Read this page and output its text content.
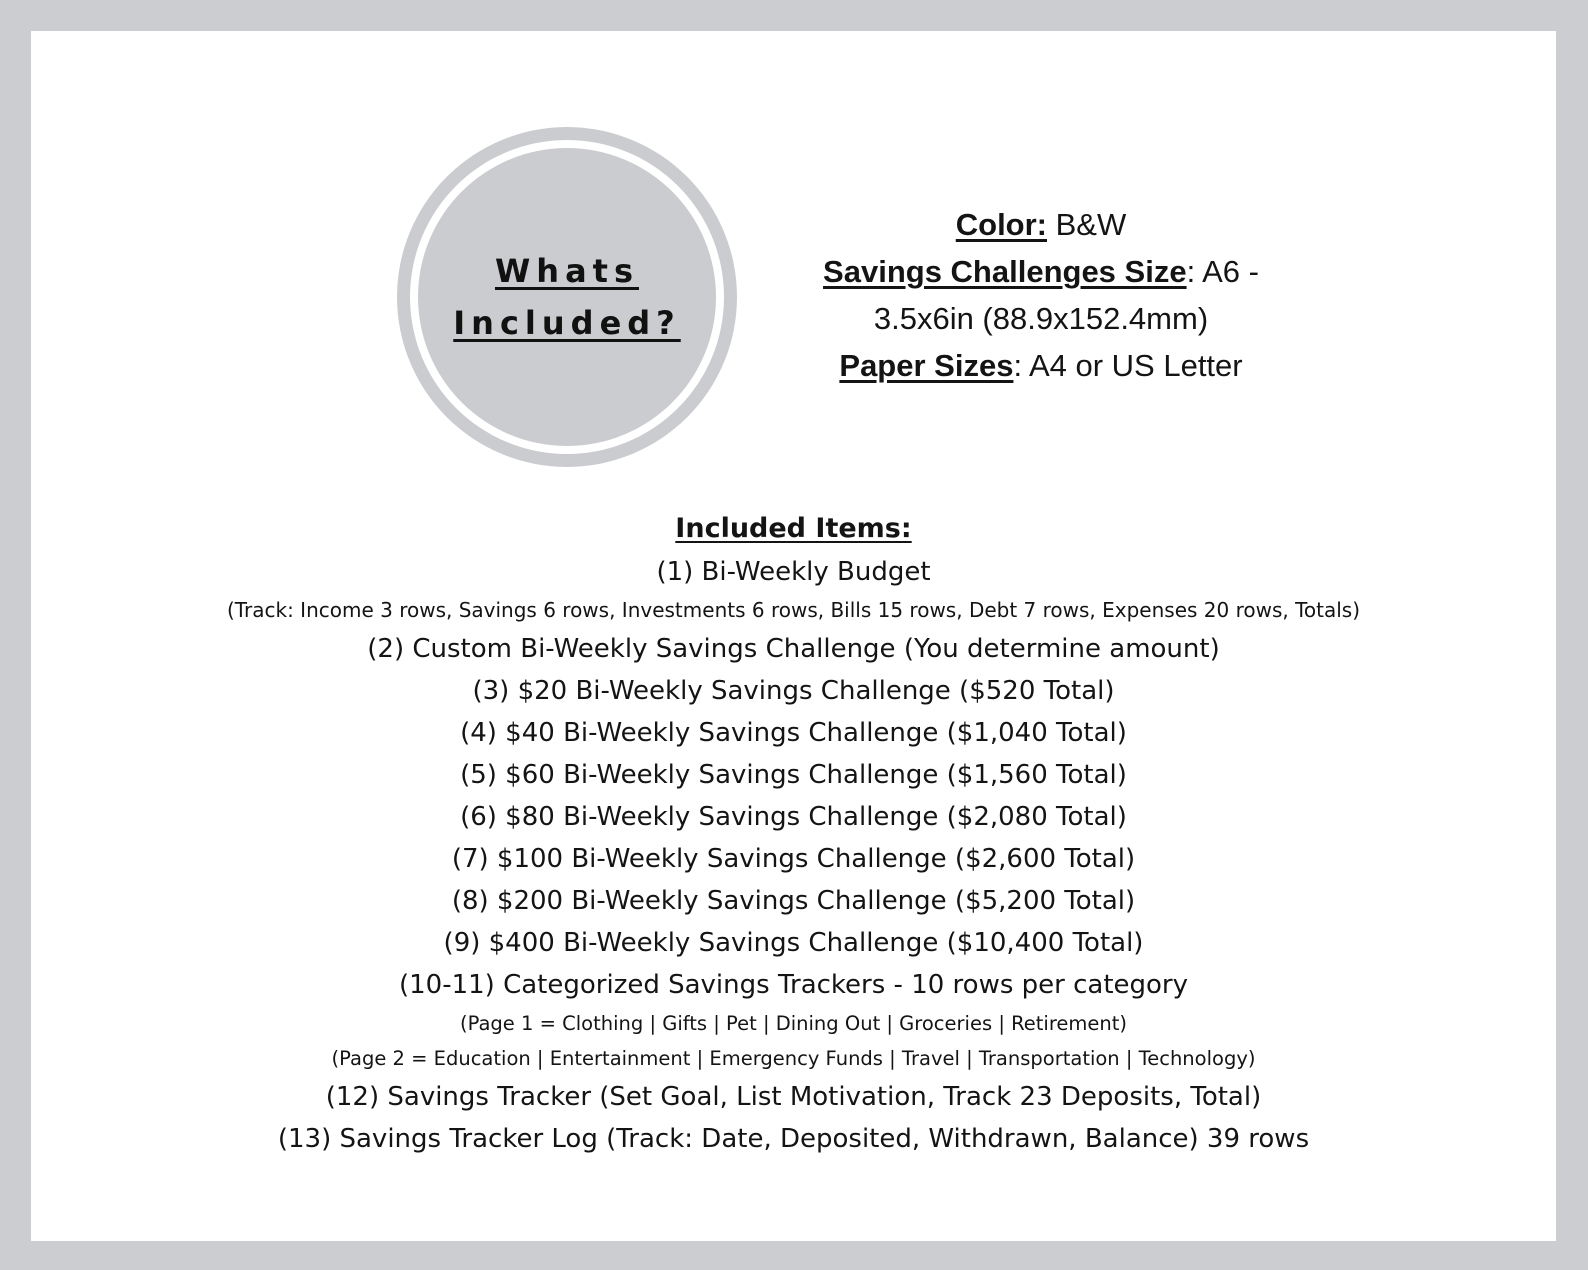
Whats
Included?
Color: B&W
Savings Challenges Size: A6 -
3.5x6in (88.9x152.4mm)
Paper Sizes: A4 or US Letter
Included Items:
(1) Bi-Weekly Budget
(Track: Income 3 rows, Savings 6 rows, Investments 6 rows, Bills 15 rows, Debt 7 rows, Expenses 20 rows, Totals)
(2) Custom Bi-Weekly Savings Challenge (You determine amount)
(3) $20 Bi-Weekly Savings Challenge ($520 Total)
(4) $40 Bi-Weekly Savings Challenge ($1,040 Total)
(5) $60 Bi-Weekly Savings Challenge ($1,560 Total)
(6) $80 Bi-Weekly Savings Challenge ($2,080 Total)
(7) $100 Bi-Weekly Savings Challenge ($2,600 Total)
(8) $200 Bi-Weekly Savings Challenge ($5,200 Total)
(9) $400 Bi-Weekly Savings Challenge ($10,400 Total)
(10-11) Categorized Savings Trackers - 10 rows per category
(Page 1 = Clothing | Gifts | Pet | Dining Out | Groceries | Retirement)
(Page 2 = Education | Entertainment | Emergency Funds | Travel | Transportation | Technology)
(12) Savings Tracker (Set Goal, List Motivation, Track 23 Deposits, Total)
(13) Savings Tracker Log (Track: Date, Deposited, Withdrawn, Balance) 39 rows
